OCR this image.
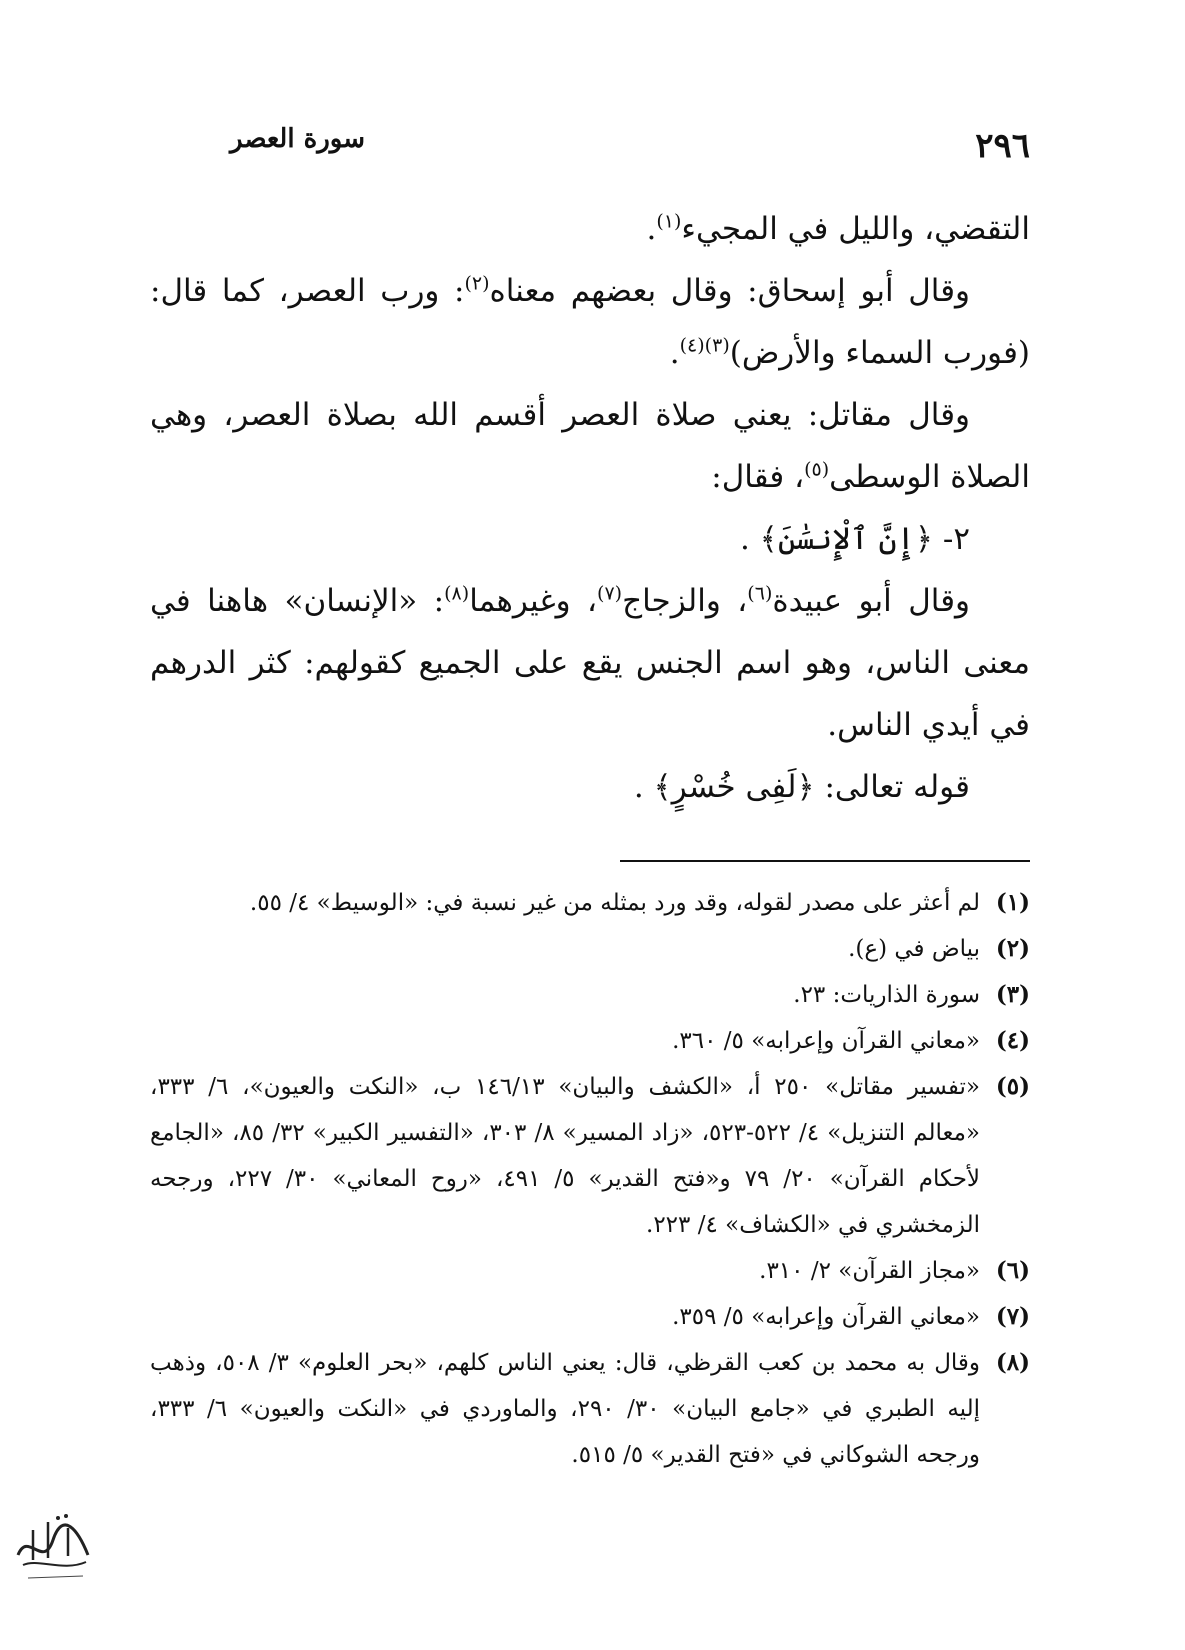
٢٩٦
سورة العصر

التقضي، والليل في المجيء$^{(١)}$.

وقال أبو إسحاق: وقال بعضهم معناه$^{(٢)}$: ورب العصر، كما قال: (فورب السماء والأرض)$^{(٣)(٤)}$.

وقال مقاتل: يعني صلاة العصر أقسم الله بصلاة العصر، وهي الصلاة الوسطى$^{(٥)}$، فقال:

٢- ﴿إِنَّ ٱلْإِنسَٰنَ﴾ .

وقال أبو عبيدة$^{(٦)}$، والزجاج$^{(٧)}$، وغيرهما$^{(٨)}$: «الإنسان» هاهنا في معنى الناس، وهو اسم الجنس يقع على الجميع كقولهم: كثر الدرهم في أيدي الناس.

قوله تعالى: ﴿لَفِى خُسْرٍ﴾ .

(١)
لم أعثر على مصدر لقوله، وقد ورد بمثله من غير نسبة في: «الوسيط» ٤/ ٥٥.
(٢)
بياض في (ع).
(٣)
سورة الذاريات: ٢٣.
(٤)
«معاني القرآن وإعرابه» ٥/ ٣٦٠.
(٥)
«تفسير مقاتل» ٢٥٠ أ، «الكشف والبيان» ١٤٦/١٣ ب، «النكت والعيون»، ٦/ ٣٣٣، «معالم التنزيل» ٤/ ٥٢٢-٥٢٣، «زاد المسير» ٨/ ٣٠٣، «التفسير الكبير» ٣٢/ ٨٥، «الجامع لأحكام القرآن» ٢٠/ ٧٩ و«فتح القدير» ٥/ ٤٩١، «روح المعاني» ٣٠/ ٢٢٧، ورجحه الزمخشري في «الكشاف» ٤/ ٢٢٣.
(٦)
«مجاز القرآن» ٢/ ٣١٠.
(٧)
«معاني القرآن وإعرابه» ٥/ ٣٥٩.
(٨)
وقال به محمد بن كعب القرظي، قال: يعني الناس كلهم، «بحر العلوم» ٣/ ٥٠٨، وذهب إليه الطبري في «جامع البيان» ٣٠/ ٢٩٠، والماوردي في «النكت والعيون» ٦/ ٣٣٣، ورجحه الشوكاني في «فتح القدير» ٥/ ٥١٥.
